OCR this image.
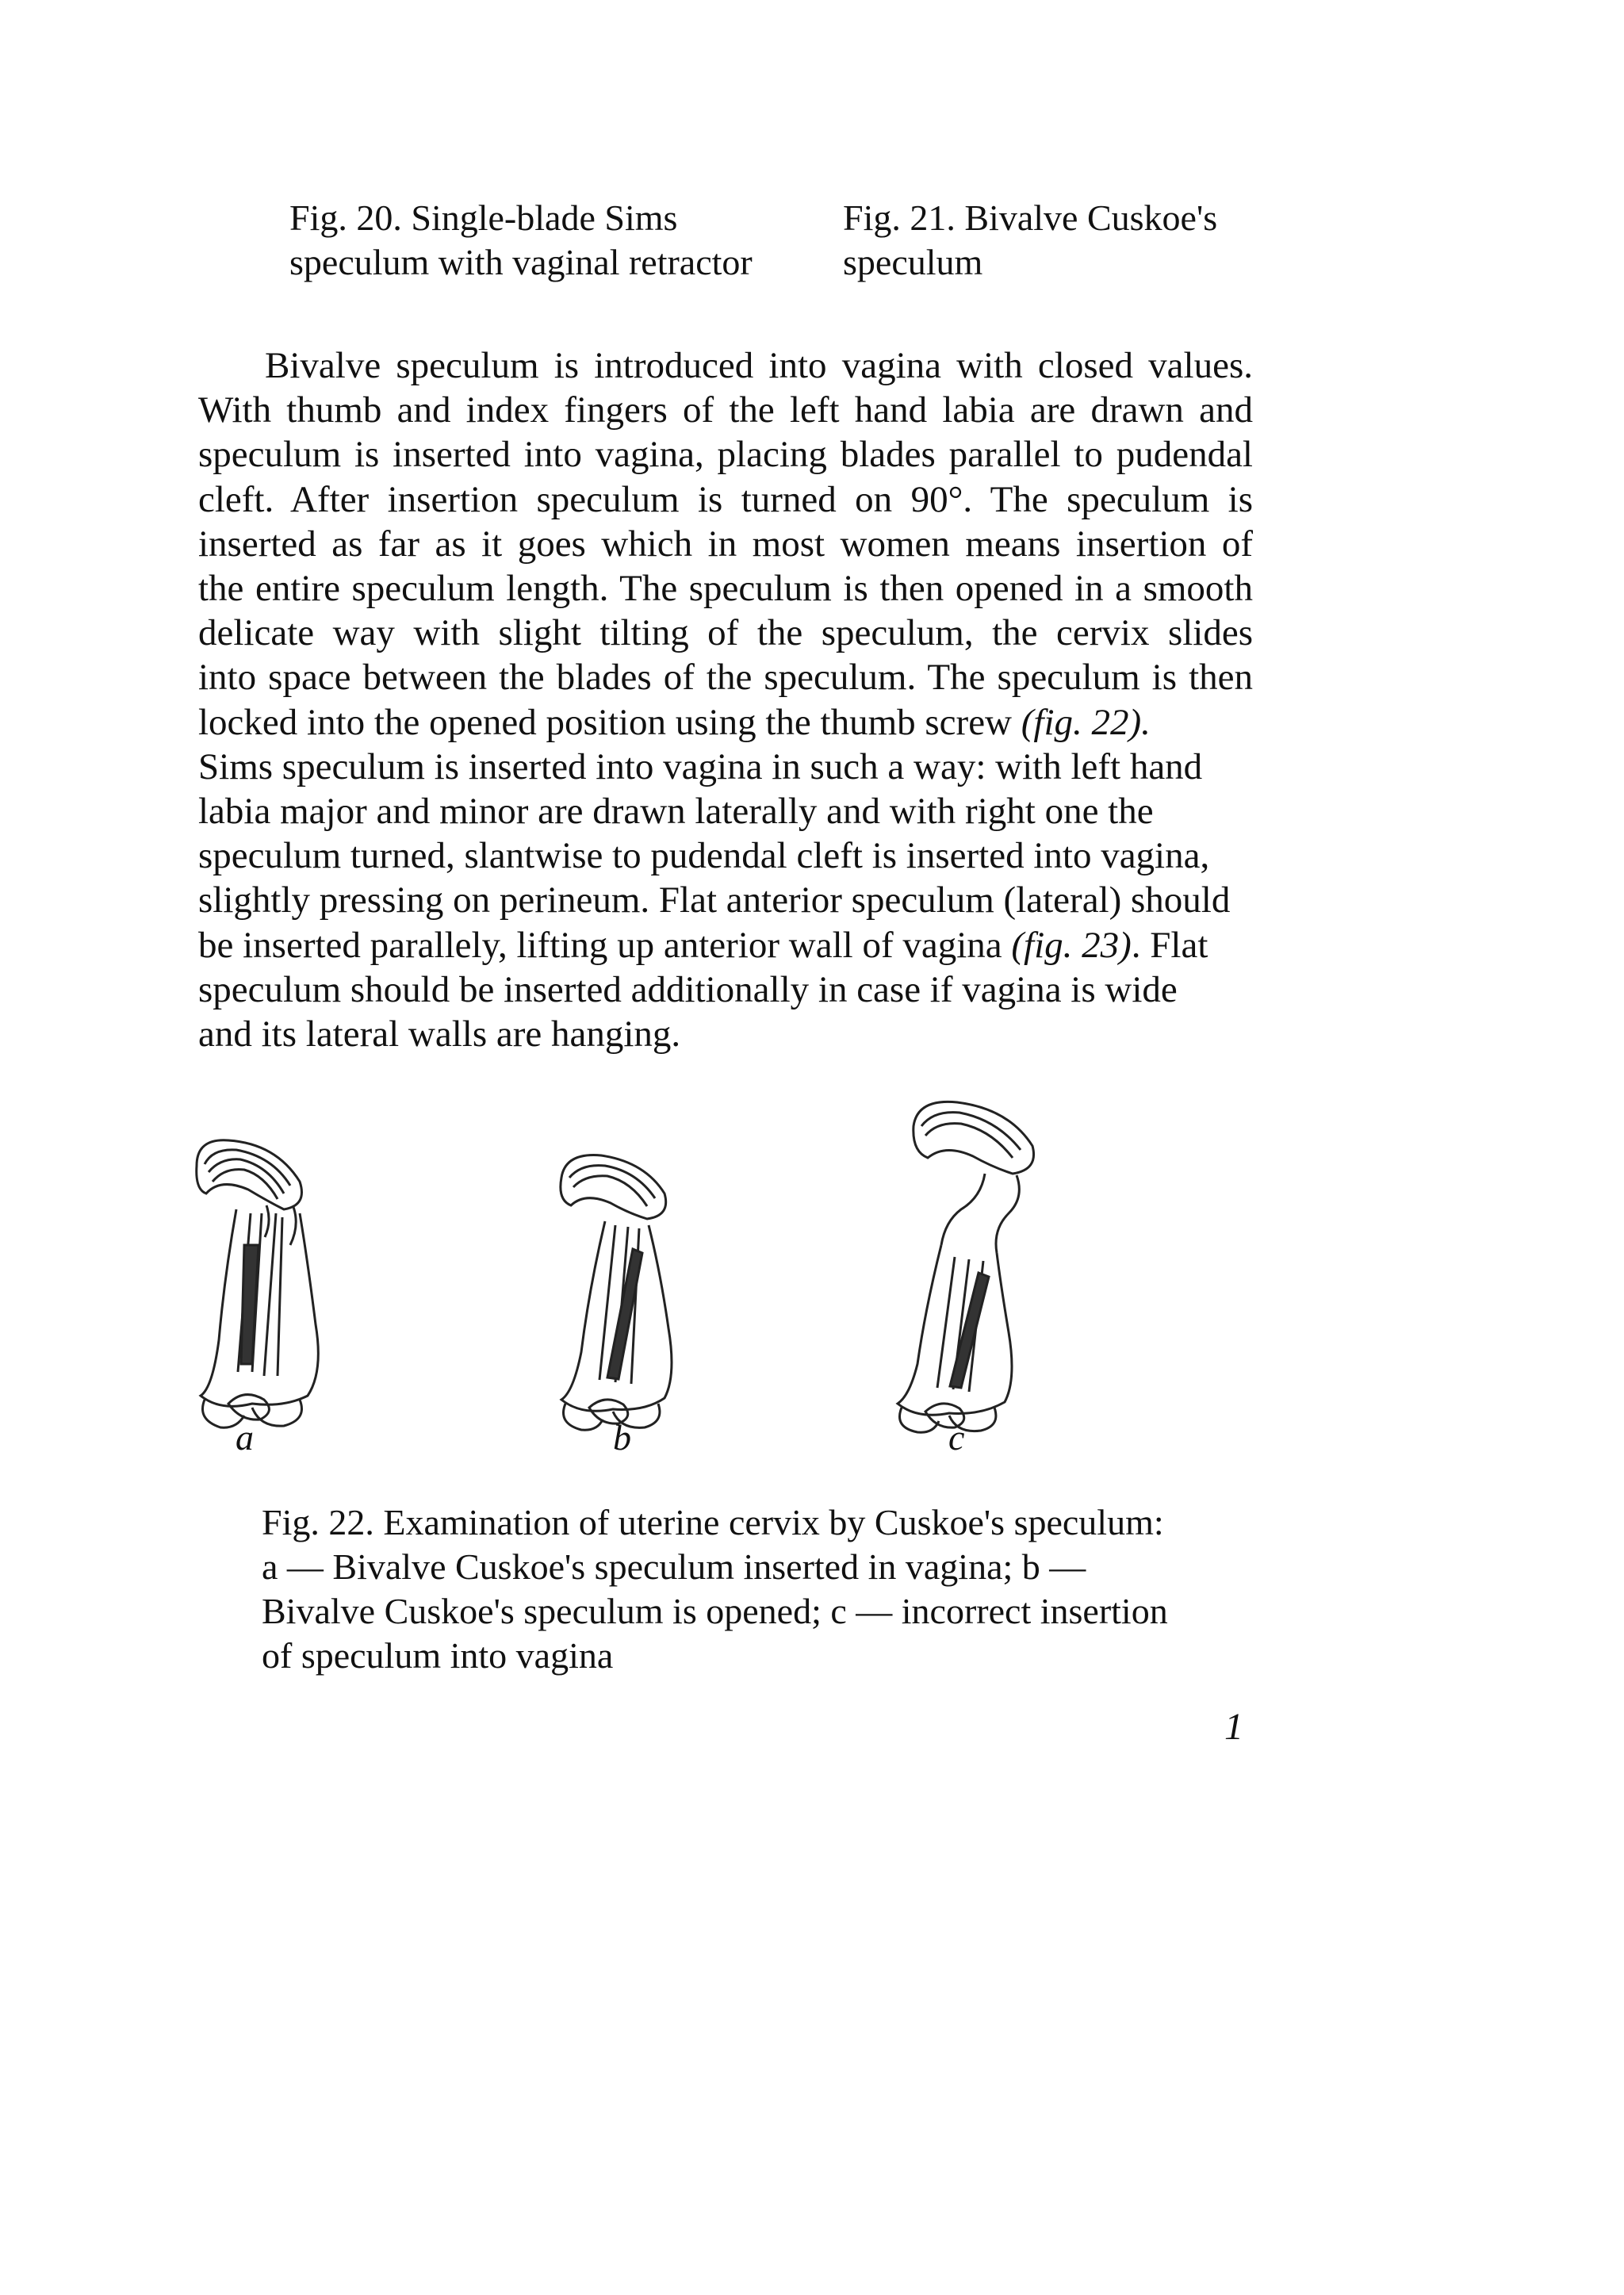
Fig. 20. Single-blade Sims
speculum with vaginal retractor

Fig. 21. Bivalve Cuskoe's
speculum

Bivalve speculum is introduced into vagina with closed values.
With thumb and index fingers of the left hand labia are drawn and
speculum is inserted into vagina, placing blades parallel to pudendal
cleft. After insertion speculum is turned on 90°. The speculum is
inserted as far as it goes which in most women means insertion of
the entire speculum length. The speculum is then opened in a smooth
delicate way with slight tilting of the speculum, the cervix slides
into space between the blades of the speculum. The speculum is then
locked into the opened position using the thumb screw (fig. 22).
Sims speculum is inserted into vagina in such a way: with left hand
labia major and minor are drawn laterally and with right one the
speculum turned, slantwise to pudendal cleft is inserted into vagina,
slightly pressing on perineum. Flat anterior speculum (lateral) should
be inserted parallely, lifting up anterior wall of vagina (fig. 23). Flat
speculum should be inserted additionally in case if vagina is wide
and its lateral walls are hanging.
a	b	c
Fig. 22. Examination of uterine cervix by Cuskoe's speculum:
a — Bivalve Cuskoe's speculum inserted in vagina; b —
Bivalve Cuskoe's speculum is opened; c — incorrect insertion
of speculum into vagina
1
